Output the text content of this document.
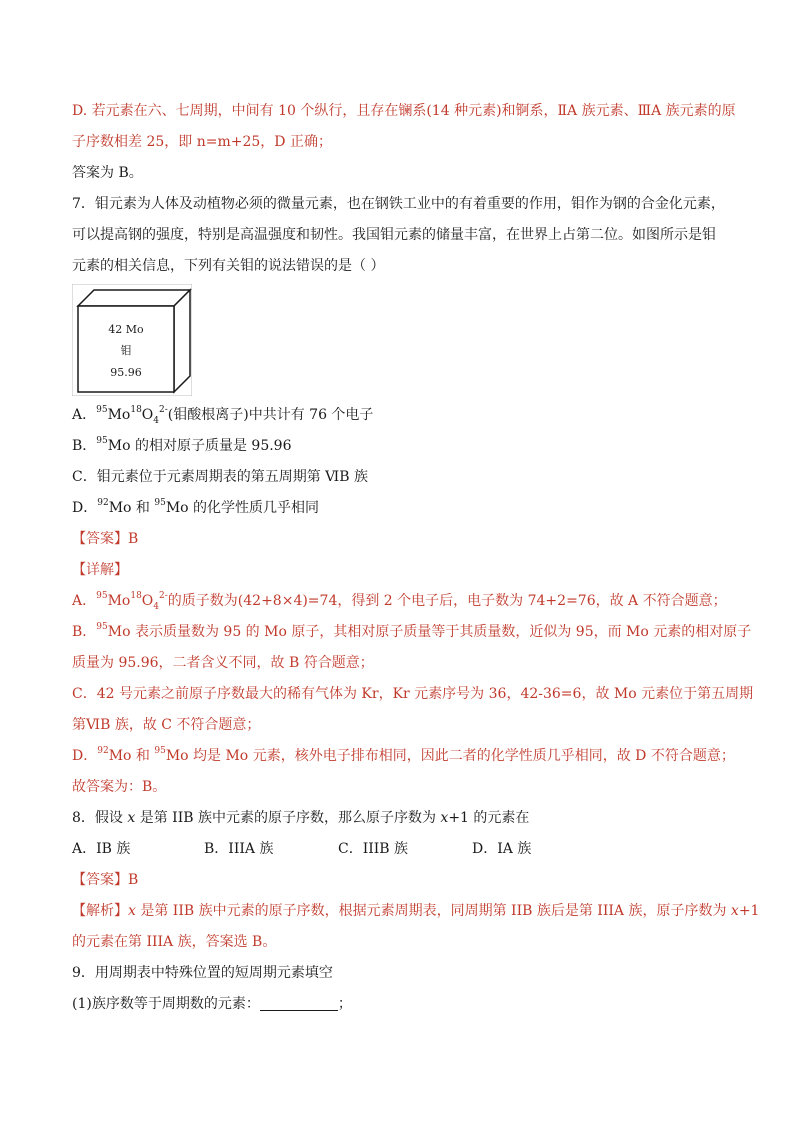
D. 若元素在六、七周期，中间有 10 个纵行，且存在镧系(14 种元素)和锕系，ⅡA 族元素、ⅢA 族元素的原

子序数相差 25，即 n=m+25，D 正确；

答案为 B。

7．钼元素为人体及动植物必须的微量元素，也在钢铁工业中的有着重要的作用，钼作为钢的合金化元素，

可以提高钢的强度，特别是高温强度和韧性。我国钼元素的储量丰富，在世界上占第二位。如图所示是钼

元素的相关信息，下列有关钼的说法错误的是（ ）

42 Mo
钼
95.96

A．$^{95}Mo^{18}O_4^{2-}$(钼酸根离子)中共计有 76 个电子

B．$^{95}$Mo 的相对原子质量是 95.96

C．钼元素位于元素周期表的第五周期第 ⅥB 族

D．$^{92}$Mo 和 $^{95}$Mo 的化学性质几乎相同

【答案】B

【详解】

A．$^{95}Mo^{18}O_4^{2-}$的质子数为(42+8×4)=74，得到 2 个电子后，电子数为 74+2=76，故 A 不符合题意；

B．$^{95}$Mo 表示质量数为 95 的 Mo 原子，其相对原子质量等于其质量数，近似为 95，而 Mo 元素的相对原子

质量为 95.96，二者含义不同，故 B 符合题意；

C．42 号元素之前原子序数最大的稀有气体为 Kr，Kr 元素序号为 36，42-36=6，故 Mo 元素位于第五周期

第ⅥB 族，故 C 不符合题意；

D．$^{92}$Mo 和 $^{95}$Mo 均是 Mo 元素，核外电子排布相同，因此二者的化学性质几乎相同，故 D 不符合题意；

故答案为：B。

8．假设 x 是第 IIB 族中元素的原子序数，那么原子序数为 x+1 的元素在

A．IB 族	B．IIIA 族	C．IIIB 族	D．IA 族

【答案】B

【解析】x 是第 IIB 族中元素的原子序数，根据元素周期表，同周期第 IIB 族后是第 IIIA 族，原子序数为 x+1

的元素在第 IIIA 族，答案选 B。

9．用周期表中特殊位置的短周期元素填空

(1)族序数等于周期数的元素：	；
